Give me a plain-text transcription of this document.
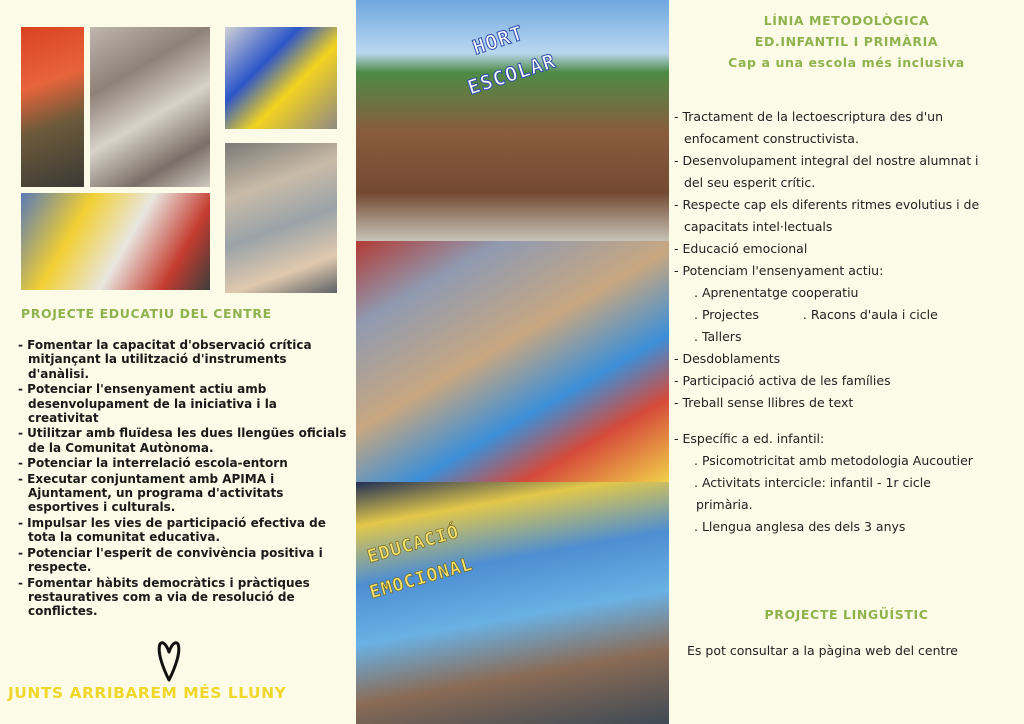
PROJECTE EDUCATIU DEL CENTRE
- Fomentar la capacitat d'observació crítica mitjançant la utilització d'instruments d'anàlisi.
- Potenciar l'ensenyament actiu amb desenvolupament de la iniciativa i la creativitat
- Utilitzar amb fluïdesa les dues llengües oficials de la Comunitat Autònoma.
- Potenciar la interrelació escola-entorn
- Executar conjuntament amb APIMA i Ajuntament, un programa d'activitats esportives i culturals.
- Impulsar les vies de participació efectiva de tota la comunitat educativa.
- Potenciar l'esperit de convivència positiva i respecte.
- Fomentar hàbits democràtics i pràctiques restauratives com a via de resolució de conflictes.
JUNTS ARRIBAREM MÉS LLUNY
HORT
ESCOLAR
EDUCACIÓ
EMOCIONAL
LÍNIA METODOLÒGICA
ED.INFANTIL I PRIMÀRIA
Cap a una escola més inclusiva
- Tractament de la lectoescriptura des d'un
enfocament constructivista.
- Desenvolupament integral del nostre alumnat i
del seu esperit crític.
- Respecte cap els diferents ritmes evolutius i de
capacitats intel·lectuals
- Educació emocional
- Potenciam l'ensenyament actiu:
. Aprenentatge cooperatiu
. Projectes	. Racons d'aula i cicle
. Tallers
- Desdoblaments
- Participació activa de les famílies
- Treball sense llibres de text
- Específic a ed. infantil:
. Psicomotricitat amb metodologia Aucoutier
. Activitats intercicle: infantil - 1r cicle
primària.
. Llengua anglesa des dels 3 anys
PROJECTE LINGÜÍSTIC
Es pot consultar a la pàgina web del centre
